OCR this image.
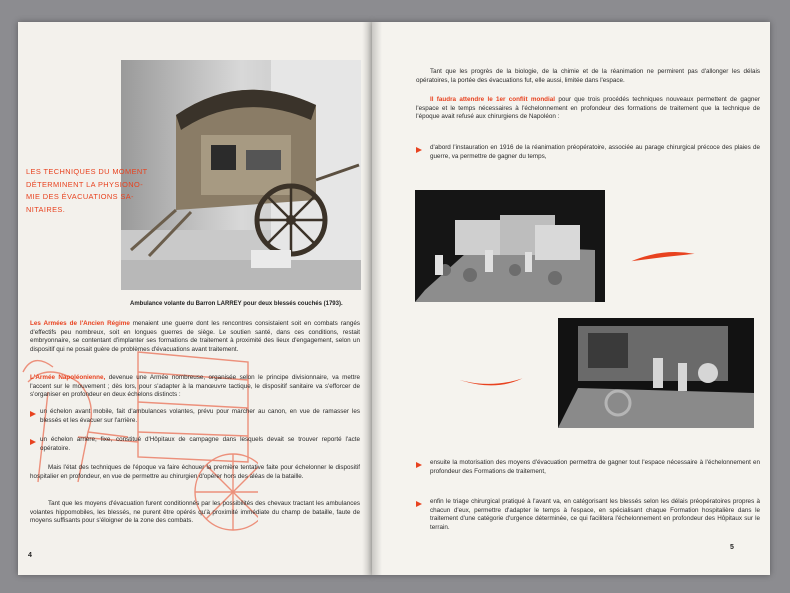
Ambulance volante du Barron LARREY pour deux blessés couchés (1793).
LES TECHNIQUES DU MOMENT DÉTERMINENT LA PHYSIONO-MIE DES ÉVACUATIONS SA-NITAIRES.
Les Armées de l'Ancien Régime menaient une guerre dont les rencontres consistaient soit en combats rangés d'effectifs peu nombreux, soit en longues guerres de siège. Le soutien santé, dans ces conditions, restait embryonnaire, se contentant d'implanter ses formations de traitement à proximité des lieux d'engagement, selon un dispositif qui ne posait guère de problèmes d'évacuations avant traitement.
L'Armée Napoléonienne, devenue une Armée nombreuse, organisée selon le principe divisionnaire, va mettre l'accent sur le mouvement ; dès lors, pour s'adapter à la manœuvre tactique, le dispositif sanitaire va s'efforcer de s'organiser en profondeur en deux échelons distincts :
un échelon avant mobile, fait d'ambulances volantes, prévu pour marcher au canon, en vue de ramasser les blessés et les évacuer sur l'arrière.
un échelon arrière, fixe, constitué d'Hôpitaux de campagne dans lesquels devait se trouver reporté l'acte opératoire.
Mais l'état des techniques de l'époque va faire échouer la première tentative faite pour échelonner le dispositif hospitalier en profondeur, en vue de permettre au chirurgien d'opérer hors des aléas de la bataille.
Tant que les moyens d'évacuation furent conditionnés par les possibilités des chevaux tractant les ambulances volantes hippomobiles, les blessés, ne purent être opérés qu'à proximité immédiate du champ de bataille, faute de moyens suffisants pour s'éloigner de la zone des combats.
4
Tant que les progrès de la biologie, de la chimie et de la réanimation ne permirent pas d'allonger les délais opératoires, la portée des évacuations fut, elle aussi, limitée dans l'espace.
Il faudra attendre le 1er conflit mondial pour que trois procédés techniques nouveaux permettent de gagner l'espace et le temps nécessaires à l'échelonnement en profondeur des formations de traitement que la technique de l'époque avait refusé aux chirurgiens de Napoléon :
d'abord l'instauration en 1916 de la réanimation préopératoire, associée au parage chirurgical précoce des plaies de guerre, va permettre de gagner du temps,
ensuite la motorisation des moyens d'évacuation permettra de gagner tout l'espace nécessaire à l'échelonnement en profondeur des Formations de traitement,
enfin le triage chirurgical pratiqué à l'avant va, en catégorisant les blessés selon les délais préopératoires propres à chacun d'eux, permettre d'adapter le temps à l'espace, en spécialisant chaque Formation hospitalière dans le traitement d'une catégorie d'urgence déterminée, ce qui facilitera l'échelonnement en profondeur des Hôpitaux sur le terrain.
5
